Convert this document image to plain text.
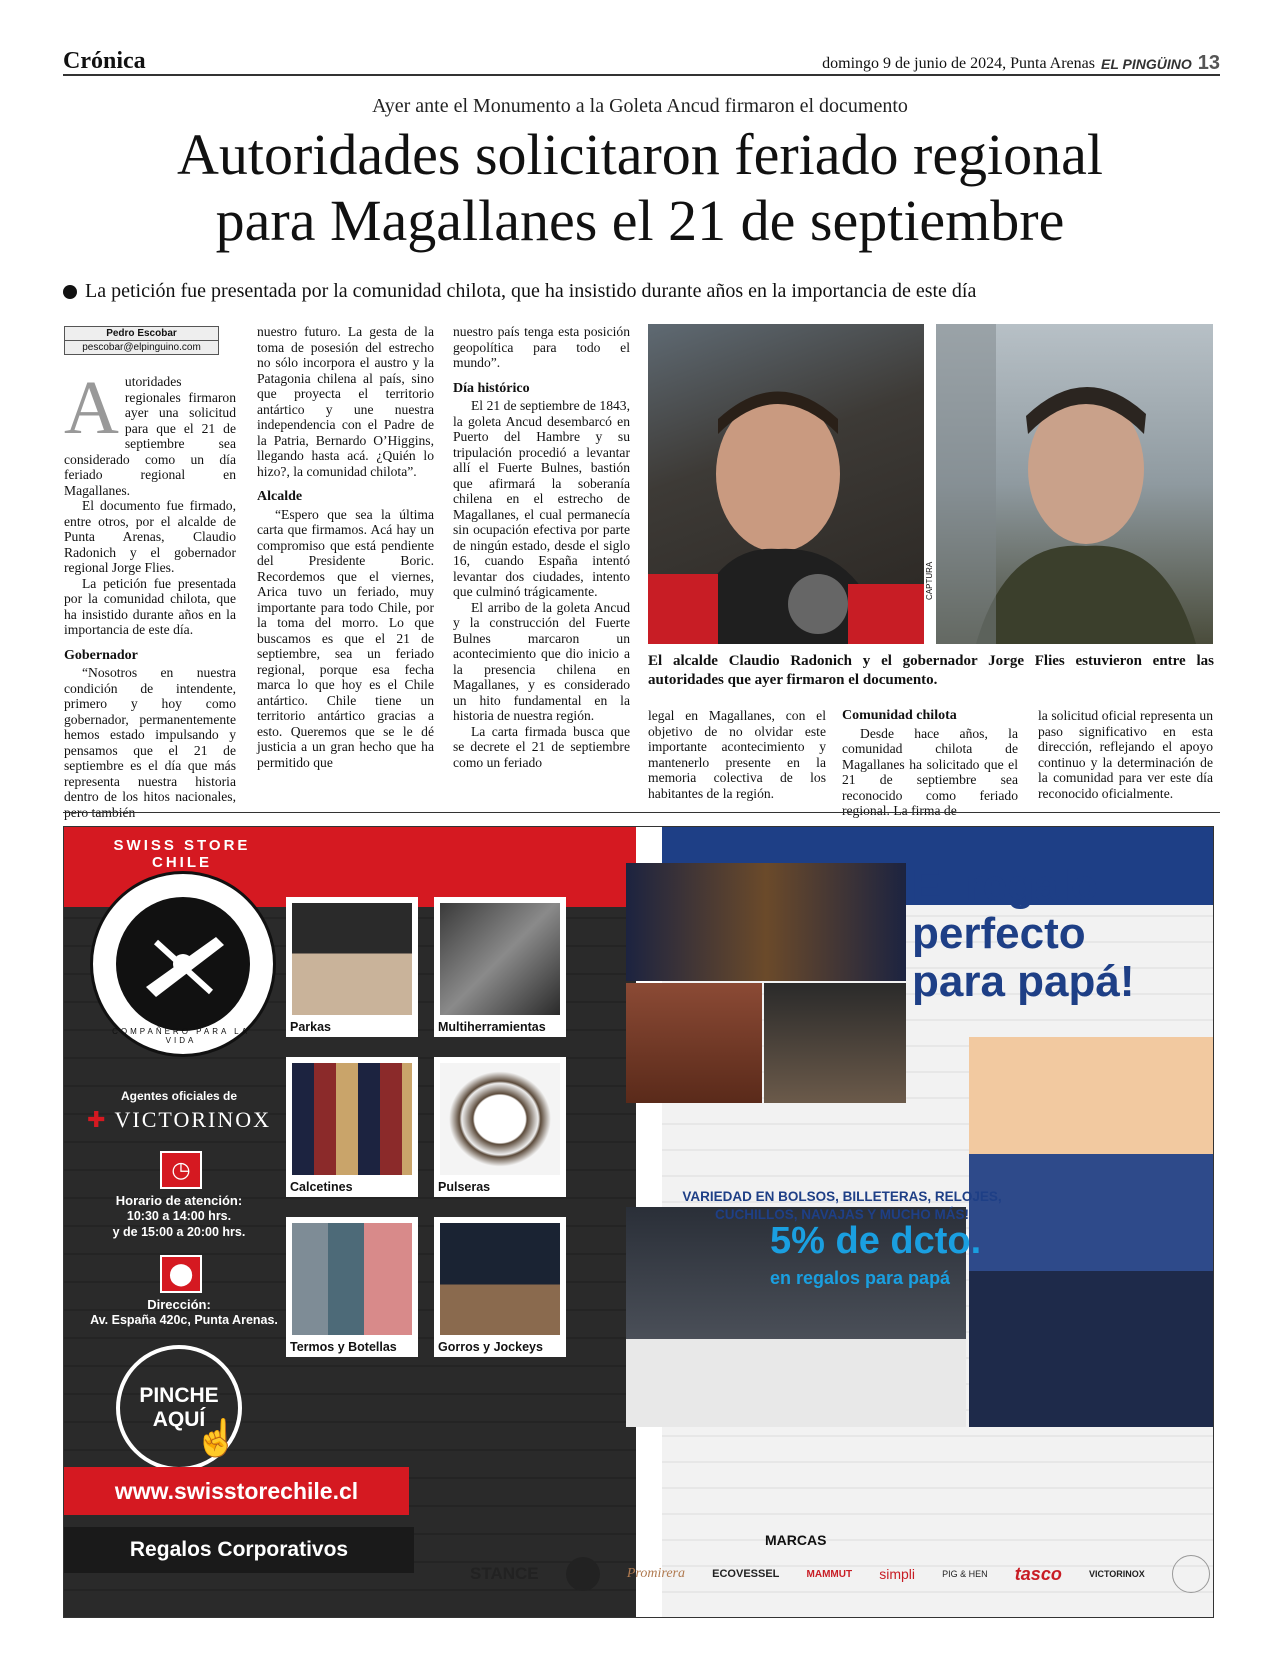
Crónica	domingo 9 de junio de 2024, Punta Arenas EL PINGÜINO 13
Ayer ante el Monumento a la Goleta Ancud firmaron el documento
Autoridades solicitaron feriado regional
para Magallanes el 21 de septiembre
La petición fue presentada por la comunidad chilota, que ha insistido durante años en la importancia de este día
Pedro Escobar
pescobar@elpinguino.com

Autoridades regionales firmaron ayer una solicitud para que el 21 de septiembre sea considerado como un día feriado regional en Magallanes.

El documento fue firmado, entre otros, por el alcalde de Punta Arenas, Claudio Radonich y el gobernador regional Jorge Flies.

La petición fue presentada por la comunidad chilota, que ha insistido durante años en la importancia de este día.

Gobernador

“Nosotros en nuestra condición de intendente, primero y hoy como gobernador, permanentemente hemos estado impulsando y pensamos que el 21 de septiembre es el día que más representa nuestra historia dentro de los hitos nacionales, pero también

nuestro futuro. La gesta de la toma de posesión del estrecho no sólo incorpora el austro y la Patagonia chilena al país, sino que proyecta el territorio antártico y une nuestra independencia con el Padre de la Patria, Bernardo O’Higgins, llegando hasta acá. ¿Quién lo hizo?, la comunidad chilota”.

Alcalde

“Espero que sea la última carta que firmamos. Acá hay un compromiso que está pendiente del Presidente Boric. Recordemos que el viernes, Arica tuvo un feriado, muy importante para todo Chile, por la toma del morro. Lo que buscamos es que el 21 de septiembre, sea un feriado regional, porque esa fecha marca lo que hoy es el Chile antártico. Chile tiene un territorio antártico gracias a esto. Queremos que se le dé justicia a un gran hecho que ha permitido que

nuestro país tenga esta posición geopolítica para todo el mundo”.

Día histórico

El 21 de septiembre de 1843, la goleta Ancud desembarcó en Puerto del Hambre y su tripulación procedió a levantar allí el Fuerte Bulnes, bastión que afirmará la soberanía chilena en el estrecho de Magallanes, el cual permanecía sin ocupación efectiva por parte de ningún estado, desde el siglo 16, cuando España intentó levantar dos ciudades, intento que culminó trágicamente.

El arribo de la goleta Ancud y la construcción del Fuerte Bulnes marcaron un acontecimiento que dio inicio a la presencia chilena en Magallanes, y es considerado un hito fundamental en la historia de nuestra región.

La carta firmada busca que se decrete el 21 de septiembre como un feriado

CAPTURA
El alcalde Claudio Radonich y el gobernador Jorge Flies estuvieron entre las autoridades que ayer firmaron el documento.

legal en Magallanes, con el objetivo de no olvidar este importante acontecimiento y mantenerlo presente en la memoria colectiva de los habitantes de la región.

Comunidad chilota

Desde hace años, la comunidad chilota de Magallanes ha solicitado que el 21 de septiembre sea reconocido como feriado regional. La firma de

la solicitud oficial representa un paso significativo en esta dirección, reflejando el apoyo continuo y la determinación de la comunidad para ver este día reconocido oficialmente.

SWISS STORE CHILE
COMPAÑERO PARA LA VIDA
Agentes oficiales de
✚ VICTORINOX
◷
Horario de atención:
10:30 a 14:00 hrs.
y de 15:00 a 20:00 hrs.
⬤
Dirección:
Av. España 420c, Punta Arenas.
PINCHE
AQUÍ
☝
Parkas	Multiherramientas
Calcetines	Pulseras
Termos y Botellas	Gorros y Jockeys
www.swisstorechile.cl
Regalos Corporativos
El regalo
perfecto
para papá!
VARIEDAD EN BOLSOS, BILLETERAS, RELOJES,
CUCHILLOS, NAVAJAS Y MUCHO MÁS!
5% de dcto.
en regalos para papá
MARCAS
STANCE	Promirera ECOVESSEL	MAMMUT simpli	PIG & HEN tasco	VICTORINOX
